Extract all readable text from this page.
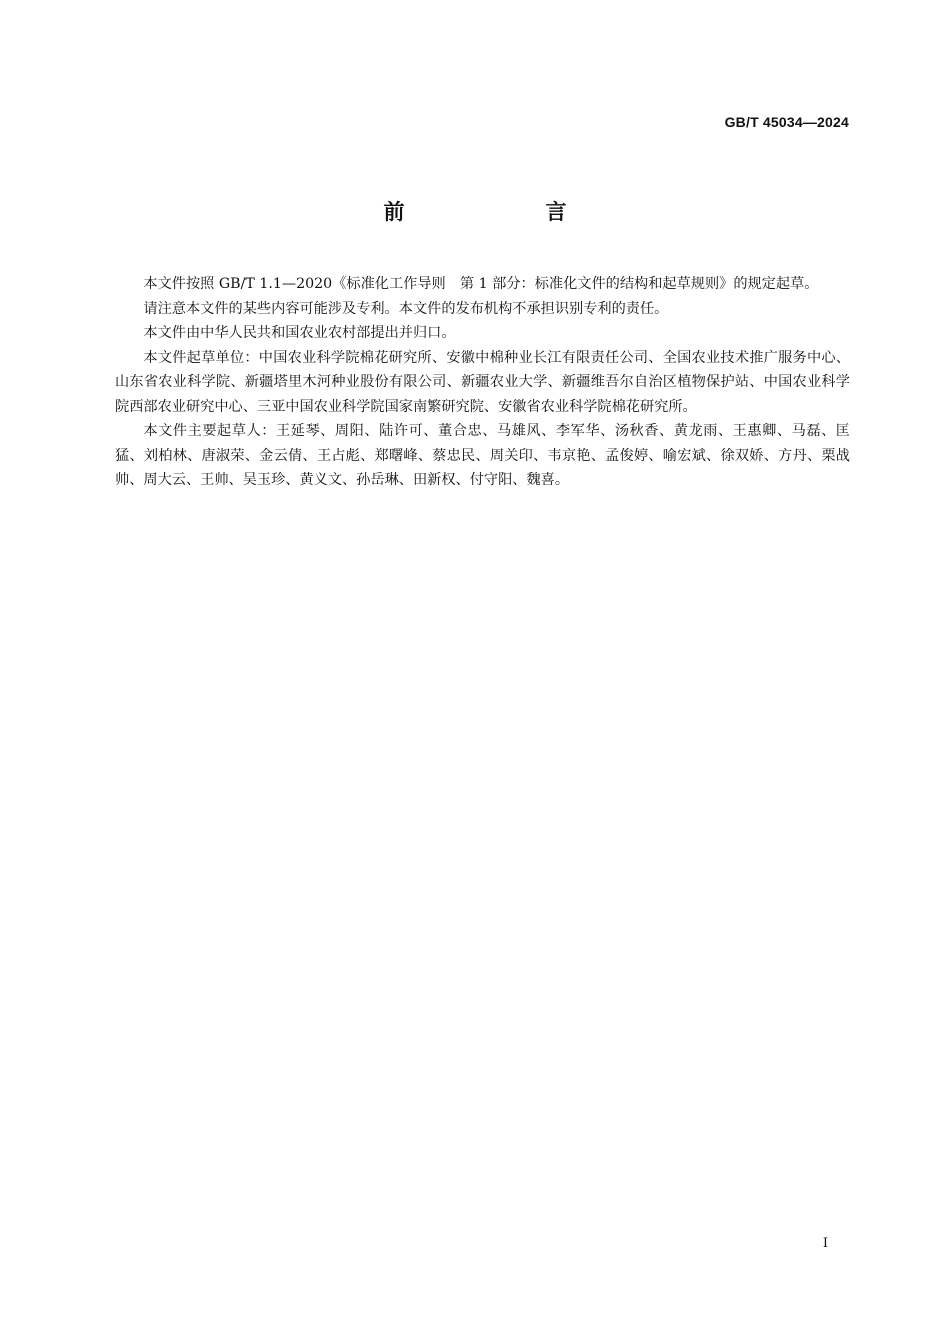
GB/T 45034—2024
前　言

本文件按照 GB/T 1.1—2020《标准化工作导则　第 1 部分：标准化文件的结构和起草规则》的规定起草。

请注意本文件的某些内容可能涉及专利。本文件的发布机构不承担识别专利的责任。

本文件由中华人民共和国农业农村部提出并归口。

本文件起草单位：中国农业科学院棉花研究所、安徽中棉种业长江有限责任公司、全国农业技术推广服务中心、山东省农业科学院、新疆塔里木河种业股份有限公司、新疆农业大学、新疆维吾尔自治区植物保护站、中国农业科学院西部农业研究中心、三亚中国农业科学院国家南繁研究院、安徽省农业科学院棉花研究所。

本文件主要起草人：王延琴、周阳、陆许可、董合忠、马雄风、李军华、汤秋香、黄龙雨、王惠卿、马磊、匡猛、刘柏林、唐淑荣、金云倩、王占彪、郑曙峰、蔡忠民、周关印、韦京艳、孟俊婷、喻宏斌、徐双娇、方丹、栗战帅、周大云、王帅、吴玉珍、黄义文、孙岳琳、田新权、付守阳、魏喜。

I
